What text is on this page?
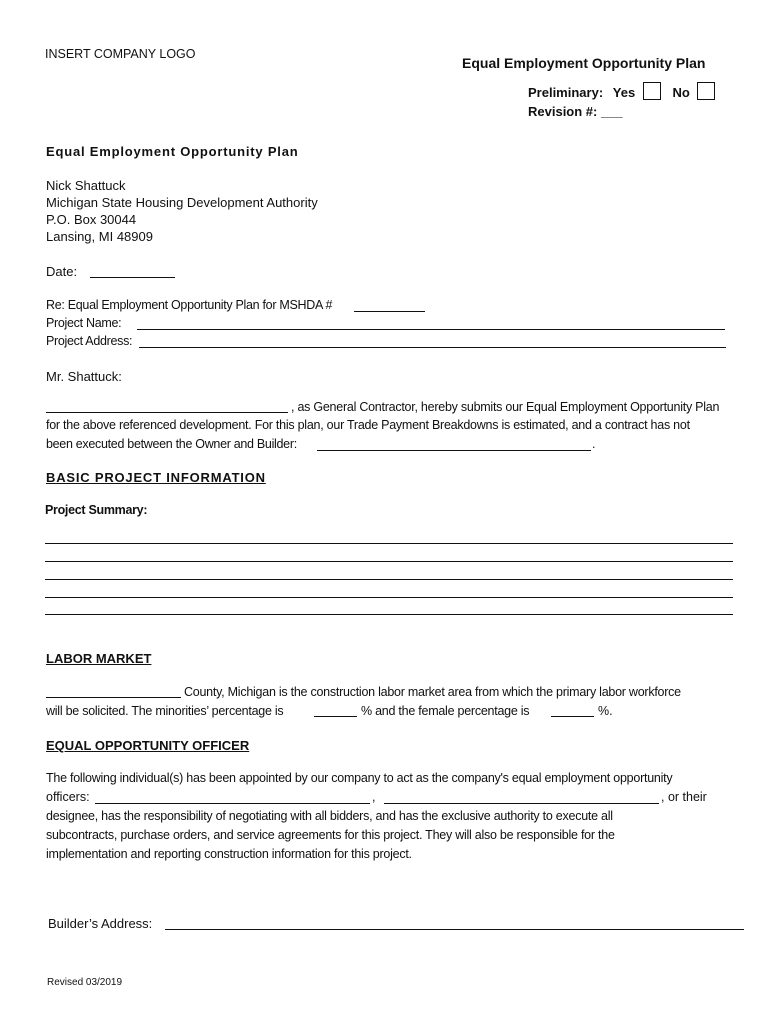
INSERT COMPANY LOGO
Equal Employment Opportunity Plan
Preliminary: Yes	No
Revision #: ___
Equal Employment Opportunity Plan
Nick Shattuck
Michigan State Housing Development Authority
P.O. Box 30044
Lansing, MI 48909
Date:
Re: Equal Employment Opportunity Plan for MSHDA #
Project Name:
Project Address:
Mr. Shattuck:
, as General Contractor, hereby submits our Equal Employment Opportunity Plan
for the above referenced development. For this plan, our Trade Payment Breakdowns is estimated, and a contract has not
been executed between the Owner and Builder:	.
BASIC PROJECT INFORMATION
Project Summary:
LABOR MARKET
County, Michigan is the construction labor market area from which the primary labor workforce
will be solicited. The minorities’ percentage is	% and the female percentage is	%.
EQUAL OPPORTUNITY OFFICER
The following individual(s) has been appointed by our company to act as the company's equal employment opportunity
officers:	,	, or their
designee, has the responsibility of negotiating with all bidders, and has the exclusive authority to execute all
subcontracts, purchase orders, and service agreements for this project. They will also be responsible for the
implementation and reporting construction information for this project.
Builder’s Address:
Revised 03/2019
